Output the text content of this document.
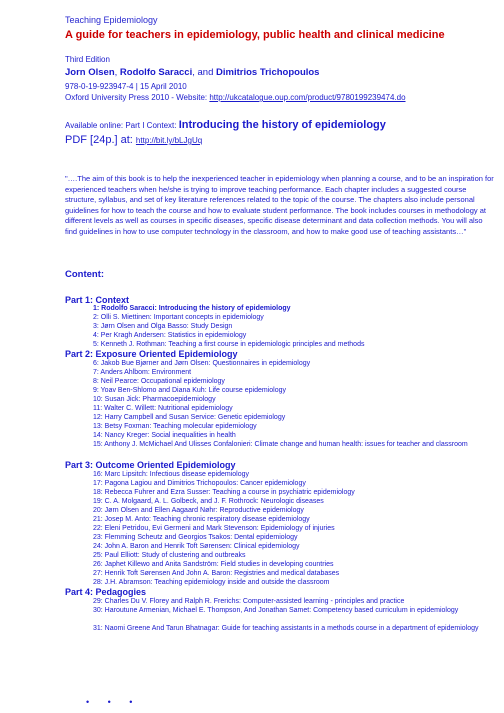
Teaching Epidemiology
A guide for teachers in epidemiology, public health and clinical medicine
Third Edition
Jorn Olsen, Rodolfo Saracci, and Dimitrios Trichopoulos
978-0-19-923947-4 | 15 April 2010
Oxford University Press 2010 - Website: http://ukcatalogue.oup.com/product/9780199239474.do
Available online: Part I Context: Introducing the history of epidemiology
PDF [24p.] at: http://bit.ly/bLJgUq
"….The aim of this book is to help the inexperienced teacher in epidemiology when planning a course, and to be an inspiration for experienced teachers when he/she is trying to improve teaching performance. Each chapter includes a suggested course structure, syllabus, and set of key literature references related to the topic of the course. The chapters also include personal guidelines for how to teach the course and how to evaluate student performance. The book includes courses in methodology at different levels as well as courses in specific diseases, specific disease determinant and data collection methods. You will also find guidelines in how to use computer technology in the classroom, and how to make good use of teaching assistants…"
Content:
Part 1: Context
1: Rodolfo Saracci: Introducing the history of epidemiology
2: Olli S. Miettinen: Important concepts in epidemiology
3: Jørn Olsen and Olga Basso: Study Design
4: Per Kragh Andersen: Statistics in epidemiology
5: Kenneth J. Rothman: Teaching a first course in epidemiologic principles and methods
Part 2: Exposure Oriented Epidemiology
6: Jakob Bue Bjørner and Jørn Olsen: Questionnaires in epidemiology
7: Anders Ahlbom: Environment
8: Neil Pearce: Occupational epidemiology
9: Yoav Ben-Shlomo and Diana Kuh: Life course epidemiology
10: Susan Jick: Pharmacoepidemiology
11: Walter C. Willett: Nutritional epidemiology
12: Harry Campbell and Susan Service: Genetic epidemiology
13: Betsy Foxman: Teaching molecular epidemiology
14: Nancy Kreger: Social inequalities in health
15: Anthony J. McMichael And Ulisses Confalonieri: Climate change and human health: issues for teacher and classroom
Part 3: Outcome Oriented Epidemiology
16: Marc Lipsitch: Infectious disease epidemiology
17: Pagona Lagiou and Dimitrios Trichopoulos: Cancer epidemiology
18: Rebecca Fuhrer and Ezra Susser: Teaching a course in psychiatric epidemiology
19: C. A. Molgaard, A. L. Golbeck, and J. F. Rothrock: Neurologic diseases
20: Jørn Olsen and Ellen Aagaard Nøhr: Reproductive epidemiology
21: Josep M. Anto: Teaching chronic respiratory disease epidemiology
22: Eleni Petridou, Evi Germeni and Mark Stevenson: Epidemiology of injuries
23: Flemming Scheutz and Georgios Tsakos: Dental epidemiology
24: John A. Baron and Henrik Toft Sørensen: Clinical epidemiology
25: Paul Elliott: Study of clustering and outbreaks
26: Japhet Killewo and Anita Sandström: Field studies in developing countries
27: Henrik Toft Sørensen And John A. Baron: Registries and medical databases
28: J.H. Abramson: Teaching epidemiology inside and outside the classroom
Part 4: Pedagogies
29: Charles Du V. Florey and Ralph R. Frerichs: Computer-assisted learning - principles and practice
30: Haroutune Armenian, Michael E. Thompson, And Jonathan Samet: Competency based curriculum in epidemiology
31: Naomi Greene And Tarun Bhatnagar: Guide for teaching assistants in a methods course in a department of epidemiology
• • •
